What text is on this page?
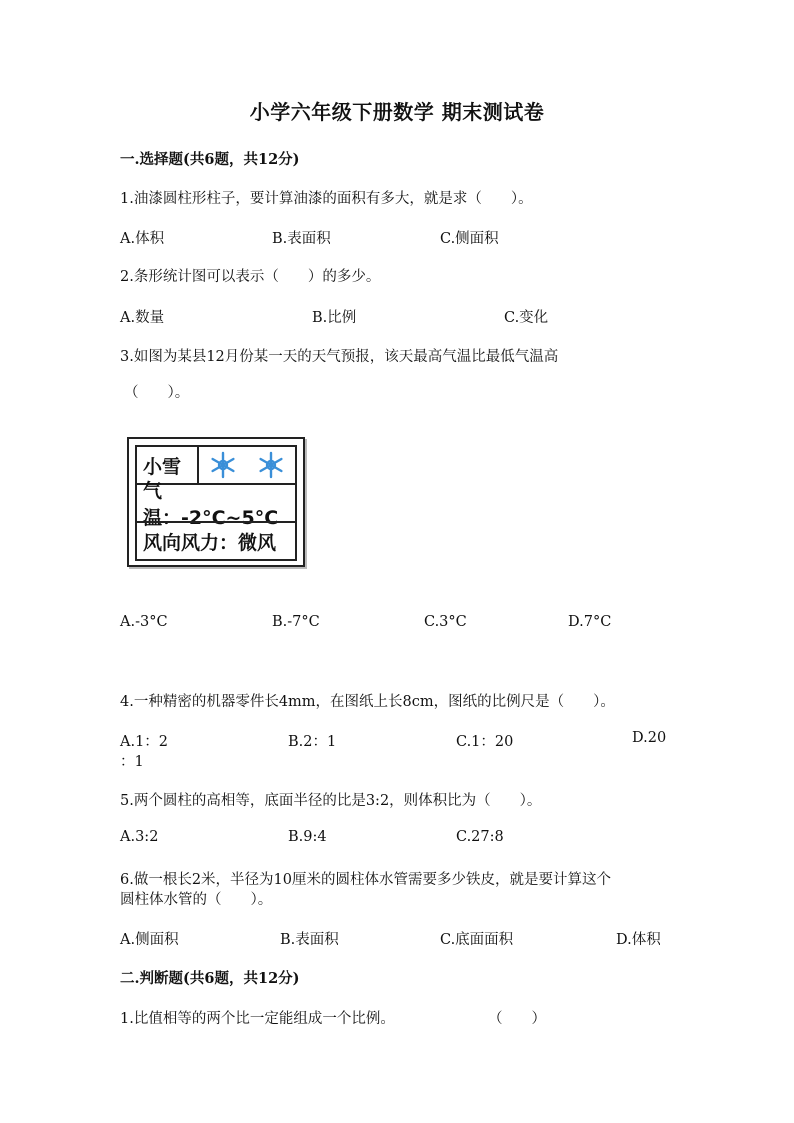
小学六年级下册数学 期末测试卷
一.选择题(共6题，共12分)
1.油漆圆柱形柱子，要计算油漆的面积有多大，就是求（　　）。
A.体积	B.表面积	C.侧面积
2.条形统计图可以表示（　　）的多少。
A.数量	B.比例	C.变化
3.如图为某县12月份某一天的天气预报，该天最高气温比最低气温高
（　　）。
小雪
气温：-2°C~5°C
风向风力：微风
A.-3°C	B.-7°C	C.3°C	D.7°C
4.一种精密的机器零件长4mm，在图纸上长8cm，图纸的比例尺是（　　）。
A.1：2	B.2：1	C.1：20	D.20
：1
5.两个圆柱的高相等，底面半径的比是3:2，则体积比为（　　）。
A.3:2	B.9:4	C.27:8
6.做一根长2米，半径为10厘米的圆柱体水管需要多少铁皮，就是要计算这个
圆柱体水管的（　　）。
A.侧面积	B.表面积	C.底面面积	D.体积
二.判断题(共6题，共12分)
1.比值相等的两个比一定能组成一个比例。	（　　）
